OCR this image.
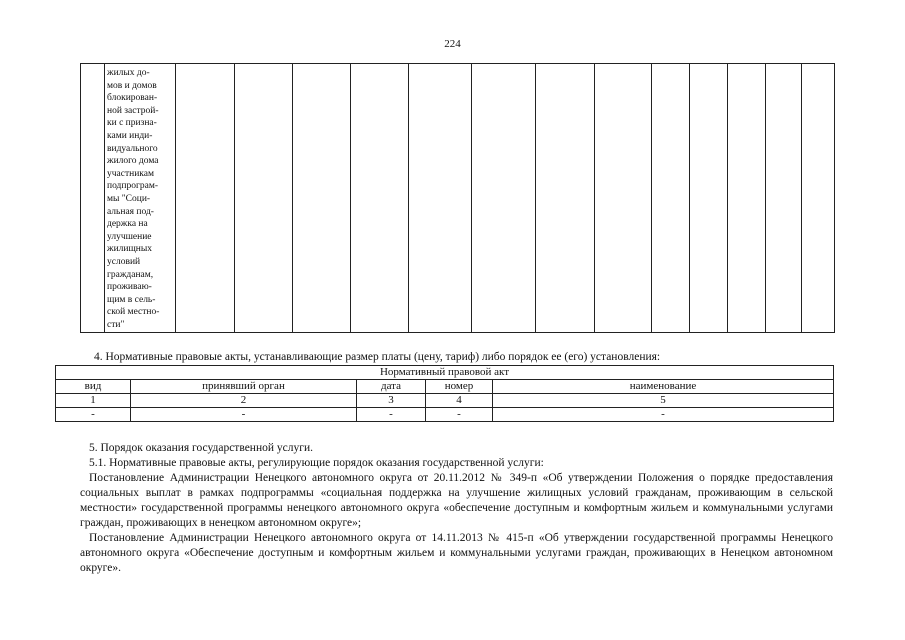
224

жилых до-
мов и домов
блокирован-
ной застрой-
ки с призна-
ками инди-
видуального
жилого дома
участникам
подпрограм-
мы "Соци-
альная под-
держка на
улучшение
жилищных
условий
гражданам,
проживаю-
щим в сель-
ской местно-
сти"

4. Нормативные правовые акты, устанавливающие размер платы (цену, тариф) либо порядок ее (его) установления:
Нормативный правовой акт				
вид	принявший орган	дата	номер	наименование
1	2	3	4	5
-	-	-	-	-

5. Порядок оказания государственной услуги.

5.1. Нормативные правовые акты, регулирующие порядок оказания государственной услуги:

Постановление Администрации Ненецкого автономного округа от 20.11.2012 № 349-п «Об утверждении Положения о порядке предоставления социальных выплат в рамках подпрограммы «социальная поддержка на улучшение жилищных условий гражданам, проживающим в сельской местности» государственной программы ненецкого автономного округа «обеспечение доступным и комфортным жильем и коммунальными услугами граждан, проживающих в ненецком автономном округе»;

Постановление Администрации Ненецкого автономного округа от 14.11.2013 № 415-п «Об утверждении государственной программы Ненецкого автономного округа «Обеспечение доступным и комфортным жильем и коммунальными услугами граждан, проживающих в Ненецком автономном округе».
